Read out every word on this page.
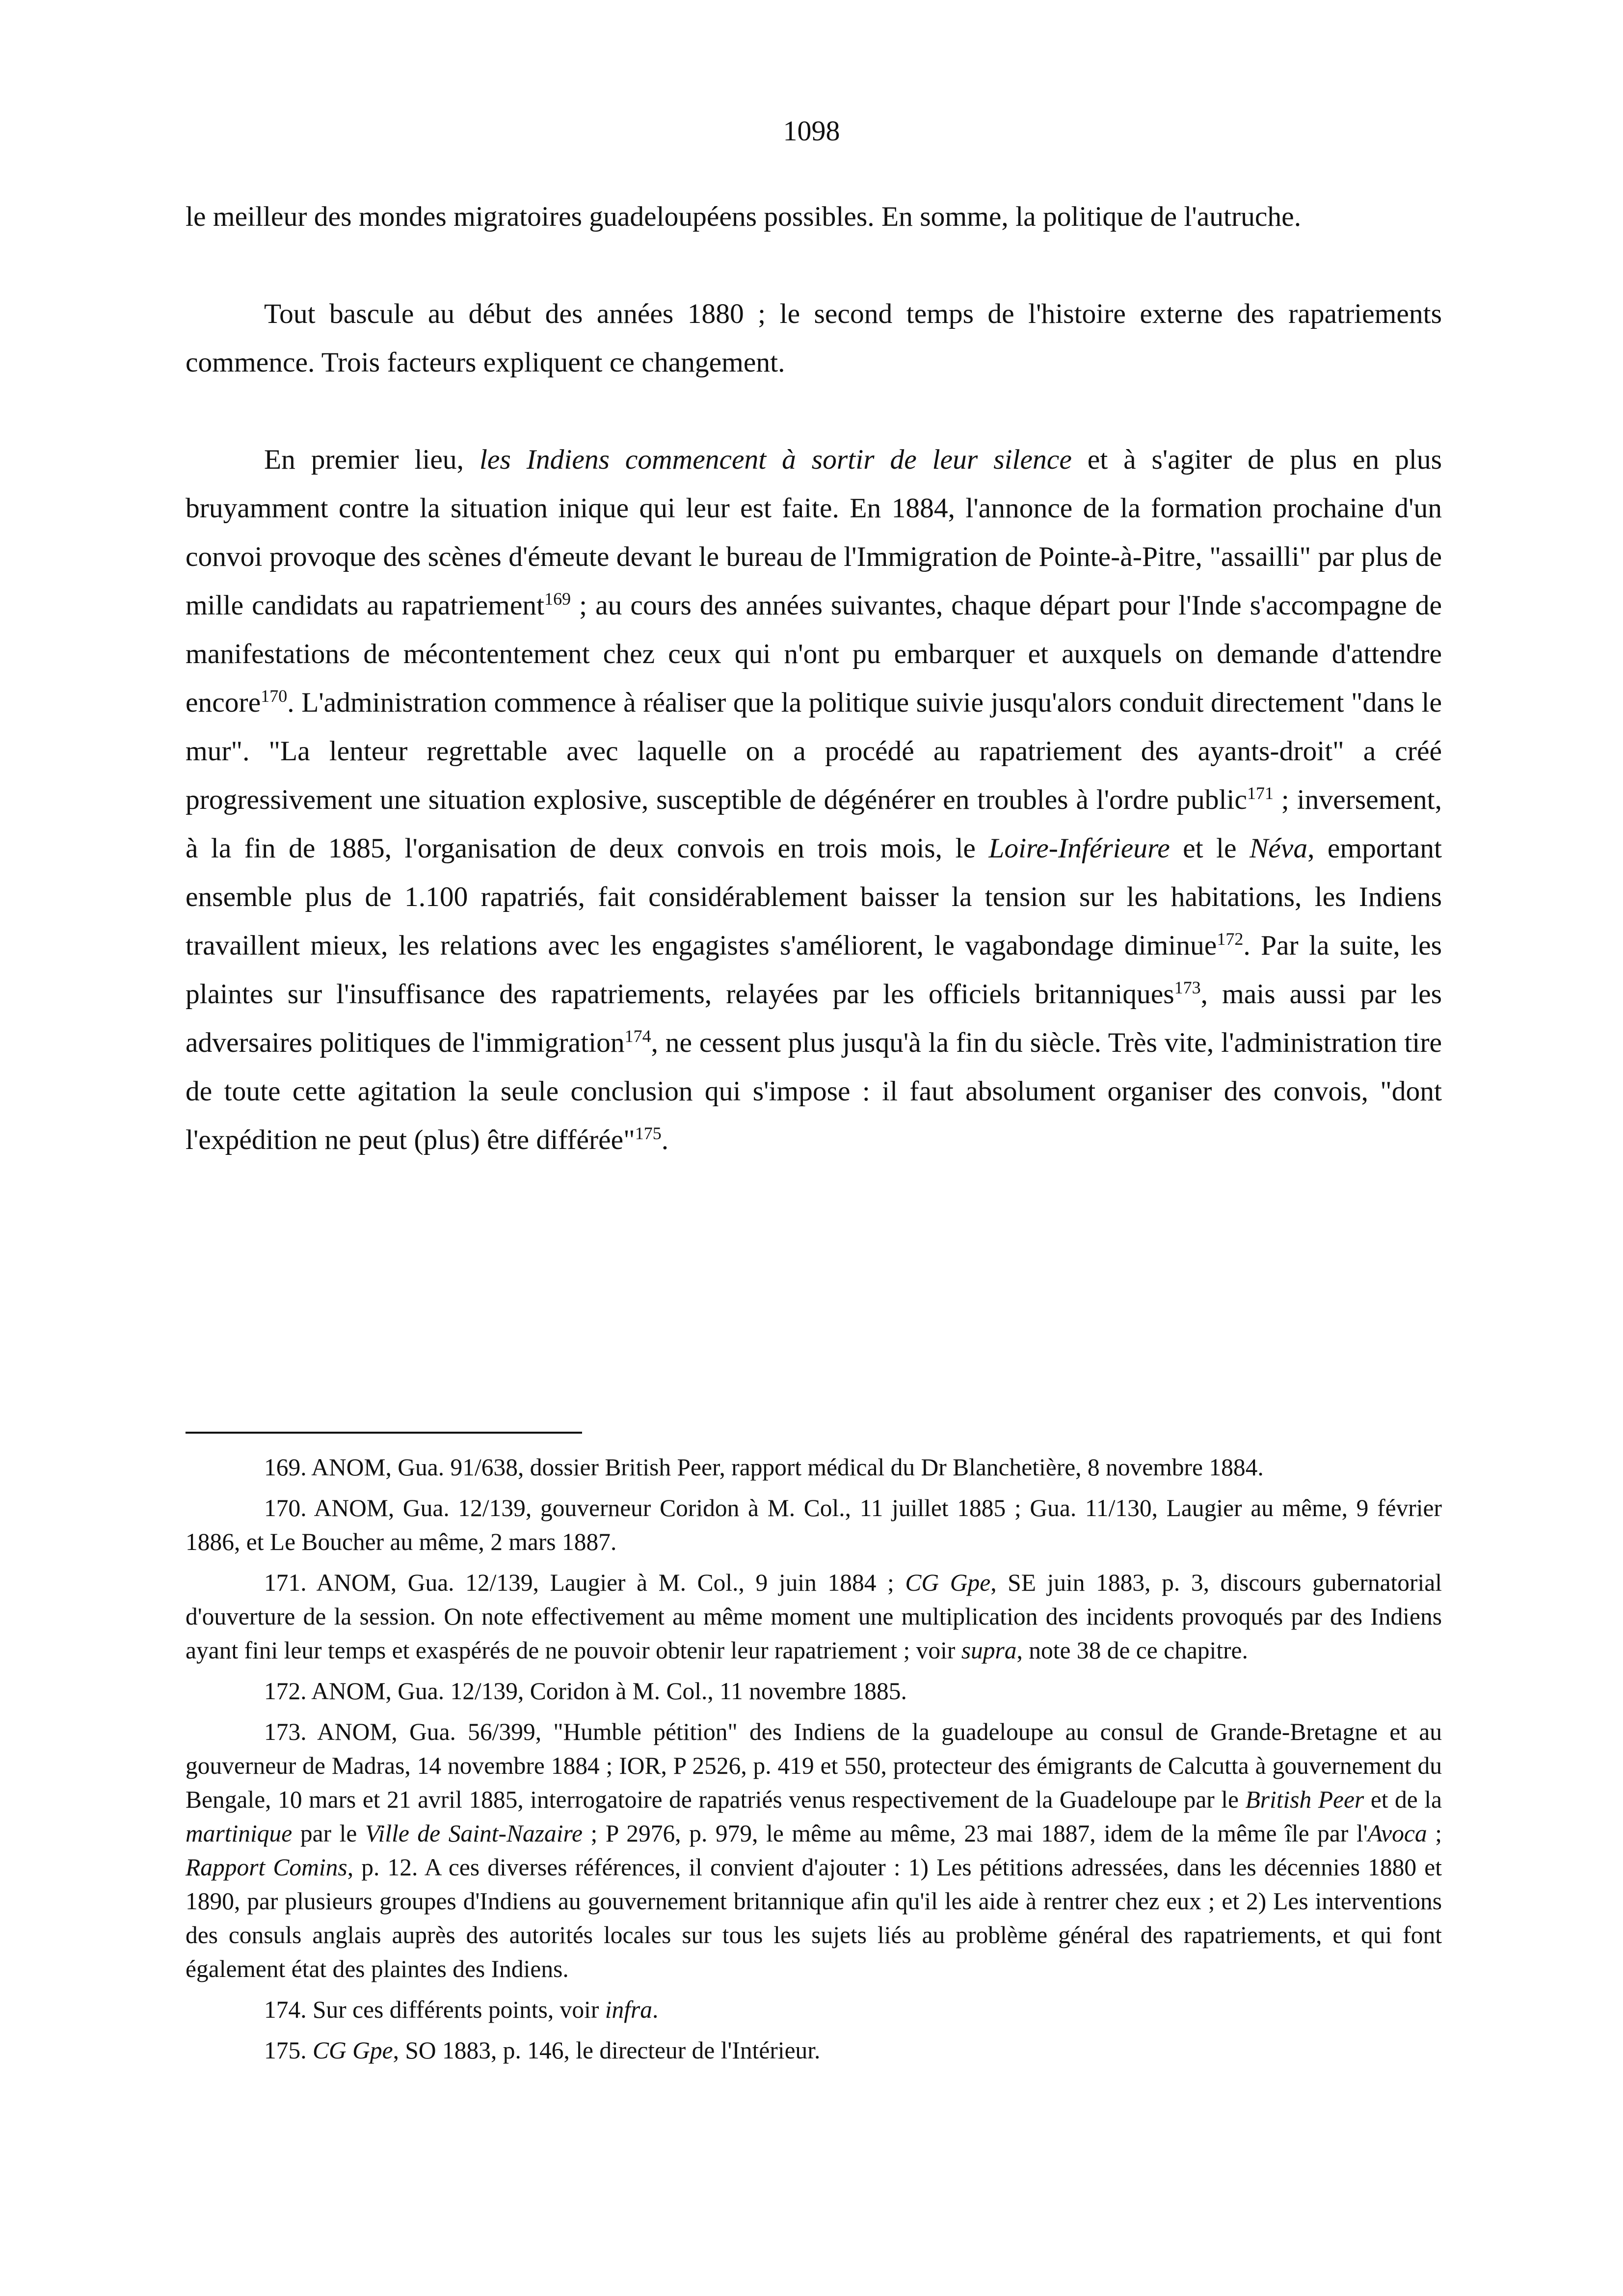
1098

le meilleur des mondes migratoires guadeloupéens possibles. En somme, la politique de l'autruche.

Tout bascule au début des années 1880 ; le second temps de l'histoire externe des rapatriements commence. Trois facteurs expliquent ce changement.

En premier lieu, les Indiens commencent à sortir de leur silence et à s'agiter de plus en plus bruyamment contre la situation inique qui leur est faite. En 1884, l'annonce de la formation prochaine d'un convoi provoque des scènes d'émeute devant le bureau de l'Immigration de Pointe-à-Pitre, "assailli" par plus de mille candidats au rapatriement$^{169}$ ; au cours des années suivantes, chaque départ pour l'Inde s'accompagne de manifestations de mécontentement chez ceux qui n'ont pu embarquer et auxquels on demande d'attendre encore$^{170}$. L'administration commence à réaliser que la politique suivie jusqu'alors conduit directement "dans le mur". "La lenteur regrettable avec laquelle on a procédé au rapatriement des ayants-droit" a créé progressivement une situation explosive, susceptible de dégénérer en troubles à l'ordre public$^{171}$ ; inversement, à la fin de 1885, l'organisation de deux convois en trois mois, le Loire-Inférieure et le Néva, emportant ensemble plus de 1.100 rapatriés, fait considérablement baisser la tension sur les habitations, les Indiens travaillent mieux, les relations avec les engagistes s'améliorent, le vagabondage diminue$^{172}$. Par la suite, les plaintes sur l'insuffisance des rapatriements, relayées par les officiels britanniques$^{173}$, mais aussi par les adversaires politiques de l'immigration$^{174}$, ne cessent plus jusqu'à la fin du siècle. Très vite, l'administration tire de toute cette agitation la seule conclusion qui s'impose : il faut absolument organiser des convois, "dont l'expédition ne peut (plus) être différée"$^{175}$.

169. ANOM, Gua. 91/638, dossier British Peer, rapport médical du Dr Blanchetière, 8 novembre 1884.

170. ANOM, Gua. 12/139, gouverneur Coridon à M. Col., 11 juillet 1885 ; Gua. 11/130, Laugier au même, 9 février 1886, et Le Boucher au même, 2 mars 1887.

171. ANOM, Gua. 12/139, Laugier à M. Col., 9 juin 1884 ; CG Gpe, SE juin 1883, p. 3, discours gubernatorial d'ouverture de la session. On note effectivement au même moment une multiplication des incidents provoqués par des Indiens ayant fini leur temps et exaspérés de ne pouvoir obtenir leur rapatriement ; voir supra, note 38 de ce chapitre.

172. ANOM, Gua. 12/139, Coridon à M. Col., 11 novembre 1885.

173. ANOM, Gua. 56/399, "Humble pétition" des Indiens de la guadeloupe au consul de Grande-Bretagne et au gouverneur de Madras, 14 novembre 1884 ; IOR, P 2526, p. 419 et 550, protecteur des émigrants de Calcutta à gouvernement du Bengale, 10 mars et 21 avril 1885, interrogatoire de rapatriés venus respectivement de la Guadeloupe par le British Peer et de la martinique par le Ville de Saint-Nazaire ; P 2976, p. 979, le même au même, 23 mai 1887, idem de la même île par l'Avoca ; Rapport Comins, p. 12. A ces diverses références, il convient d'ajouter : 1) Les pétitions adressées, dans les décennies 1880 et 1890, par plusieurs groupes d'Indiens au gouvernement britannique afin qu'il les aide à rentrer chez eux ; et 2) Les interventions des consuls anglais auprès des autorités locales sur tous les sujets liés au problème général des rapatriements, et qui font également état des plaintes des Indiens.

174. Sur ces différents points, voir infra.

175. CG Gpe, SO 1883, p. 146, le directeur de l'Intérieur.
